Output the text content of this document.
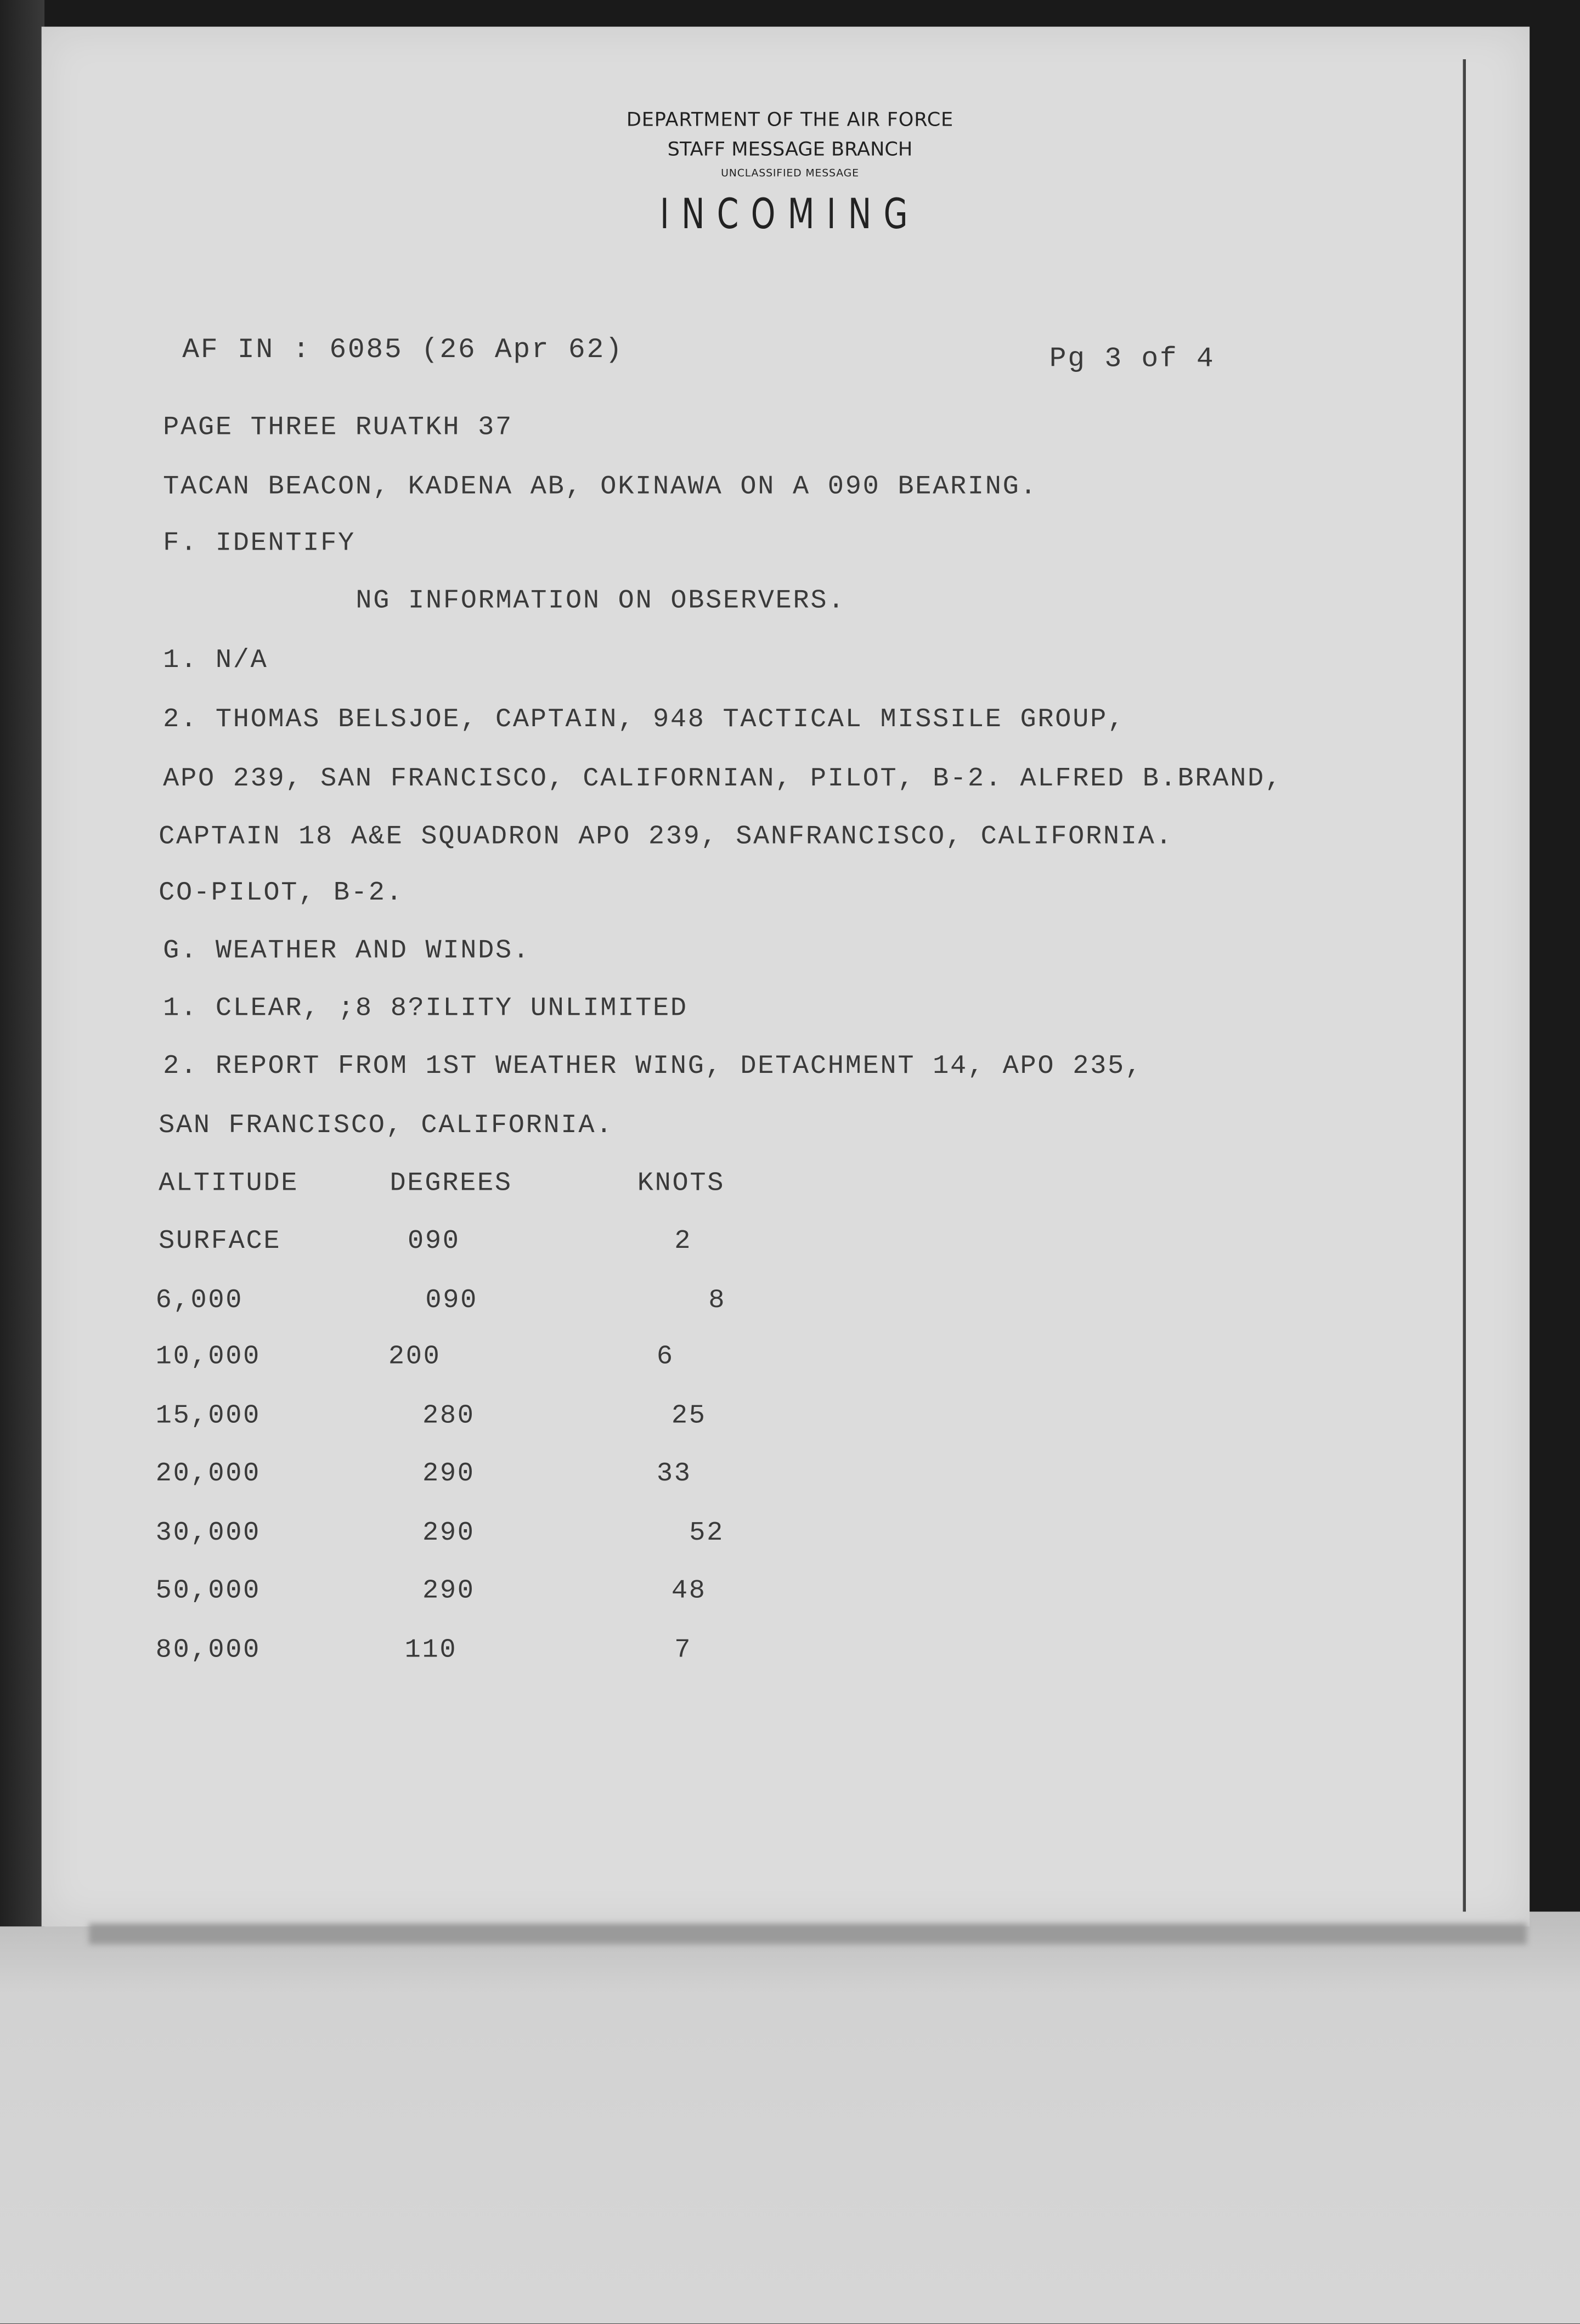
DEPARTMENT OF THE AIR FORCE
STAFF MESSAGE BRANCH
UNCLASSIFIED MESSAGE
INCOMING
AF IN : 6085 (26 Apr 62)	Pg 3 of 4
PAGE THREE RUATKH 37
TACAN BEACON, KADENA AB, OKINAWA ON A 090 BEARING.
F. IDENTIFY
NG INFORMATION ON OBSERVERS.
1. N/A
2. THOMAS BELSJOE, CAPTAIN, 948 TACTICAL MISSILE GROUP,
APO 239, SAN FRANCISCO, CALIFORNIAN, PILOT, B-2. ALFRED B.BRAND,
CAPTAIN 18 A&E SQUADRON APO 239, SANFRANCISCO, CALIFORNIA.
CO-PILOT, B-2.
G. WEATHER AND WINDS.
1. CLEAR, ;8 8?ILITY UNLIMITED
2. REPORT FROM 1ST WEATHER WING, DETACHMENT 14, APO 235,
SAN FRANCISCO, CALIFORNIA.
ALTITUDE	DEGREES	KNOTS
SURFACE	090	2
6,000	090	8
10,000	200	6
15,000	280	25
20,000	290	33
30,000	290	52
50,000	290	48
80,000	110	7
